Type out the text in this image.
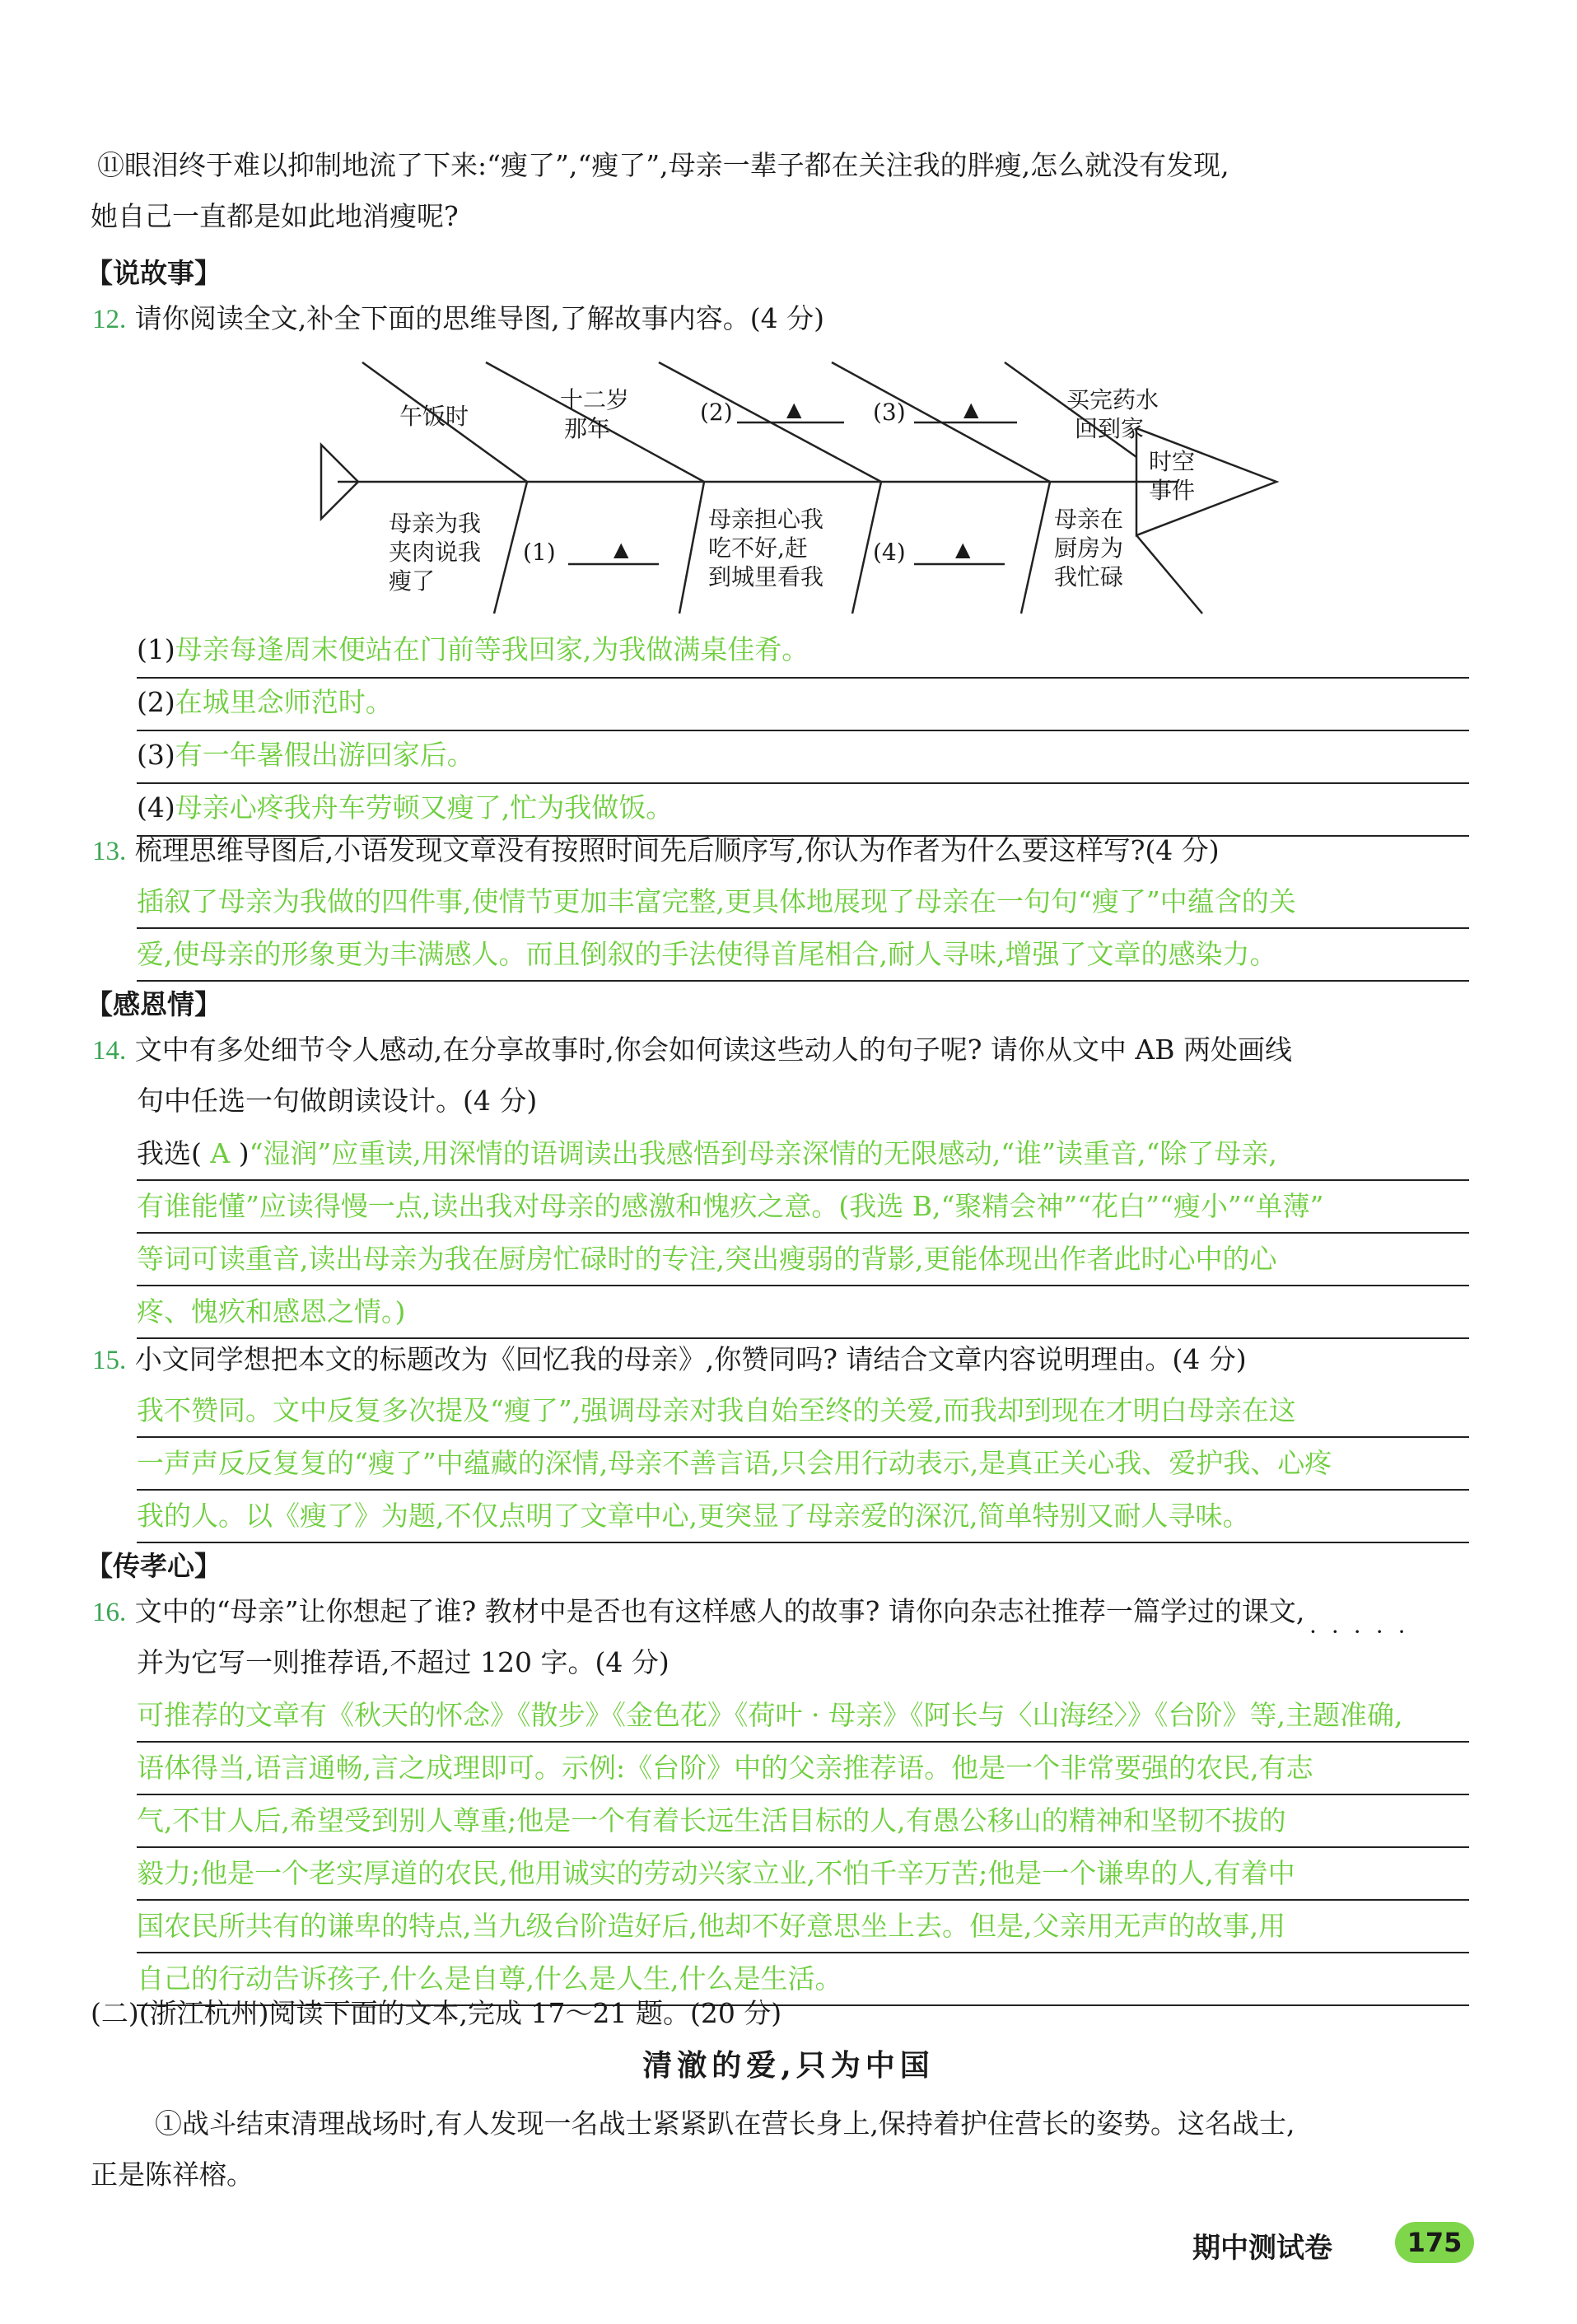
⑪眼泪终于难以抑制地流了下来:“瘦了”,“瘦了”,母亲一辈子都在关注我的胖瘦,怎么就没有发现,
她自己一直都是如此地消瘦呢?
【说故事】
12. 请你阅读全文,补全下面的思维导图,了解故事内容。(4 分)
午饭时
十二岁
那年
(2)	▲	(3)	▲	买完药水
回到家
时空
事件
母亲为我
夹肉说我
瘦了
(1)	▲
母亲担心我
吃不好,赶
到城里看我
(4)	▲
母亲在
厨房为
我忙碌
(1)母亲每逢周末便站在门前等我回家,为我做满桌佳肴。
(2)在城里念师范时。
(3)有一年暑假出游回家后。
(4)母亲心疼我舟车劳顿又瘦了,忙为我做饭。
13. 梳理思维导图后,小语发现文章没有按照时间先后顺序写,你认为作者为什么要这样写?(4 分)
插叙了母亲为我做的四件事,使情节更加丰富完整,更具体地展现了母亲在一句句“瘦了”中蕴含的关
爱,使母亲的形象更为丰满感人。而且倒叙的手法使得首尾相合,耐人寻味,增强了文章的感染力。
【感恩情】
14. 文中有多处细节令人感动,在分享故事时,你会如何读这些动人的句子呢? 请你从文中 AB 两处画线
句中任选一句做朗读设计。(4 分)
我选( A )“湿润”应重读,用深情的语调读出我感悟到母亲深情的无限感动,“谁”读重音,“除了母亲,
有谁能懂”应读得慢一点,读出我对母亲的感激和愧疚之意。(我选 B,“聚精会神”“花白”“瘦小”“单薄”
等词可读重音,读出母亲为我在厨房忙碌时的专注,突出瘦弱的背影,更能体现出作者此时心中的心
疼、愧疚和感恩之情。)
15. 小文同学想把本文的标题改为《回忆我的母亲》,你赞同吗? 请结合文章内容说明理由。(4 分)
我不赞同。文中反复多次提及“瘦了”,强调母亲对我自始至终的关爱,而我却到现在才明白母亲在这
一声声反反复复的“瘦了”中蕴藏的深情,母亲不善言语,只会用行动表示,是真正关心我、爱护我、心疼
我的人。以《瘦了》为题,不仅点明了文章中心,更突显了母亲爱的深沉,简单特别又耐人寻味。
【传孝心】
16. 文中的“母亲”让你想起了谁? 教材中是否也有这样感人的故事? 请你向杂志社推荐一篇学过的课文,
·····
并为它写一则推荐语,不超过 120 字。(4 分)
可推荐的文章有《秋天的怀念》《散步》《金色花》《荷叶 · 母亲》《阿长与〈山海经〉》《台阶》等,主题准确,
语体得当,语言通畅,言之成理即可。示例:《台阶》中的父亲推荐语。他是一个非常要强的农民,有志
气,不甘人后,希望受到别人尊重;他是一个有着长远生活目标的人,有愚公移山的精神和坚韧不拔的
毅力;他是一个老实厚道的农民,他用诚实的劳动兴家立业,不怕千辛万苦;他是一个谦卑的人,有着中
国农民所共有的谦卑的特点,当九级台阶造好后,他却不好意思坐上去。但是,父亲用无声的故事,用
自己的行动告诉孩子,什么是自尊,什么是人生,什么是生活。
(二)(浙江杭州)阅读下面的文本,完成 17～21 题。(20 分)
清澈的爱,只为中国
①战斗结束清理战场时,有人发现一名战士紧紧趴在营长身上,保持着护住营长的姿势。这名战士,
正是陈祥榕。
期中测试卷	175
